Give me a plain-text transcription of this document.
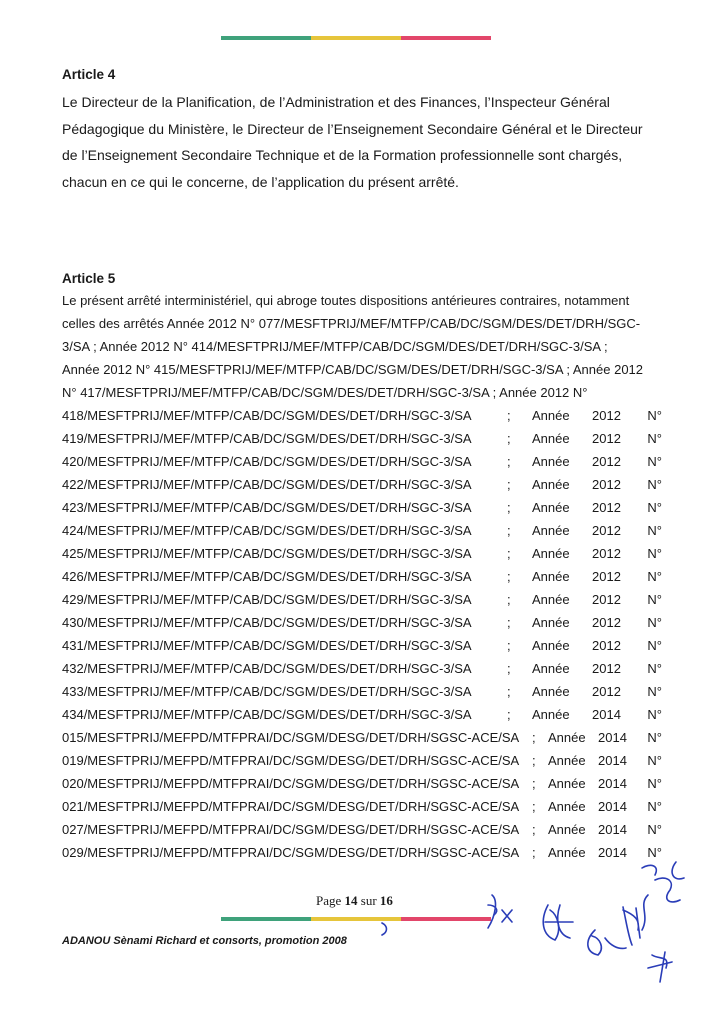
Article 4
Le Directeur de la Planification, de l’Administration et des Finances, l’Inspecteur Général
Pédagogique du Ministère, le Directeur de l’Enseignement Secondaire Général et le Directeur
de l’Enseignement Secondaire Technique et de la Formation professionnelle sont chargés,
chacun en ce qui le concerne, de l’application du présent arrêté.
Article 5
Le présent arrêté interministériel, qui abroge toutes dispositions antérieures contraires, notamment
celles des arrêtés Année 2012 N° 077/MESFTPRIJ/MEF/MTFP/CAB/DC/SGM/DES/DET/DRH/SGC-
3/SA ; Année 2012 N° 414/MESFTPRIJ/MEF/MTFP/CAB/DC/SGM/DES/DET/DRH/SGC-3/SA ;
Année 2012 N° 415/MESFTPRIJ/MEF/MTFP/CAB/DC/SGM/DES/DET/DRH/SGC-3/SA ; Année 2012
N° 417/MESFTPRIJ/MEF/MTFP/CAB/DC/SGM/DES/DET/DRH/SGC-3/SA ; Année 2012 N°
418/MESFTPRIJ/MEF/MTFP/CAB/DC/SGM/DES/DET/DRH/SGC-3/SA	;	Année	2012	N°
419/MESFTPRIJ/MEF/MTFP/CAB/DC/SGM/DES/DET/DRH/SGC-3/SA	;	Année	2012	N°
420/MESFTPRIJ/MEF/MTFP/CAB/DC/SGM/DES/DET/DRH/SGC-3/SA	;	Année	2012	N°
422/MESFTPRIJ/MEF/MTFP/CAB/DC/SGM/DES/DET/DRH/SGC-3/SA	;	Année	2012	N°
423/MESFTPRIJ/MEF/MTFP/CAB/DC/SGM/DES/DET/DRH/SGC-3/SA	;	Année	2012	N°
424/MESFTPRIJ/MEF/MTFP/CAB/DC/SGM/DES/DET/DRH/SGC-3/SA	;	Année	2012	N°
425/MESFTPRIJ/MEF/MTFP/CAB/DC/SGM/DES/DET/DRH/SGC-3/SA	;	Année	2012	N°
426/MESFTPRIJ/MEF/MTFP/CAB/DC/SGM/DES/DET/DRH/SGC-3/SA	;	Année	2012	N°
429/MESFTPRIJ/MEF/MTFP/CAB/DC/SGM/DES/DET/DRH/SGC-3/SA	;	Année	2012	N°
430/MESFTPRIJ/MEF/MTFP/CAB/DC/SGM/DES/DET/DRH/SGC-3/SA	;	Année	2012	N°
431/MESFTPRIJ/MEF/MTFP/CAB/DC/SGM/DES/DET/DRH/SGC-3/SA	;	Année	2012	N°
432/MESFTPRIJ/MEF/MTFP/CAB/DC/SGM/DES/DET/DRH/SGC-3/SA	;	Année	2012	N°
433/MESFTPRIJ/MEF/MTFP/CAB/DC/SGM/DES/DET/DRH/SGC-3/SA	;	Année	2012	N°
434/MESFTPRIJ/MEF/MTFP/CAB/DC/SGM/DES/DET/DRH/SGC-3/SA	;	Année	2014	N°
015/MESFTPRIJ/MEFPD/MTFPRAI/DC/SGM/DESG/DET/DRH/SGSC-ACE/SA ; Année 2014	N°
019/MESFTPRIJ/MEFPD/MTFPRAI/DC/SGM/DESG/DET/DRH/SGSC-ACE/SA ; Année 2014	N°
020/MESFTPRIJ/MEFPD/MTFPRAI/DC/SGM/DESG/DET/DRH/SGSC-ACE/SA ; Année 2014	N°
021/MESFTPRIJ/MEFPD/MTFPRAI/DC/SGM/DESG/DET/DRH/SGSC-ACE/SA ; Année 2014	N°
027/MESFTPRIJ/MEFPD/MTFPRAI/DC/SGM/DESG/DET/DRH/SGSC-ACE/SA ; Année 2014	N°
029/MESFTPRIJ/MEFPD/MTFPRAI/DC/SGM/DESG/DET/DRH/SGSC-ACE/SA ; Année 2014	N°
Page 14 sur 16
ADANOU Sènami Richard et consorts, promotion 2008
